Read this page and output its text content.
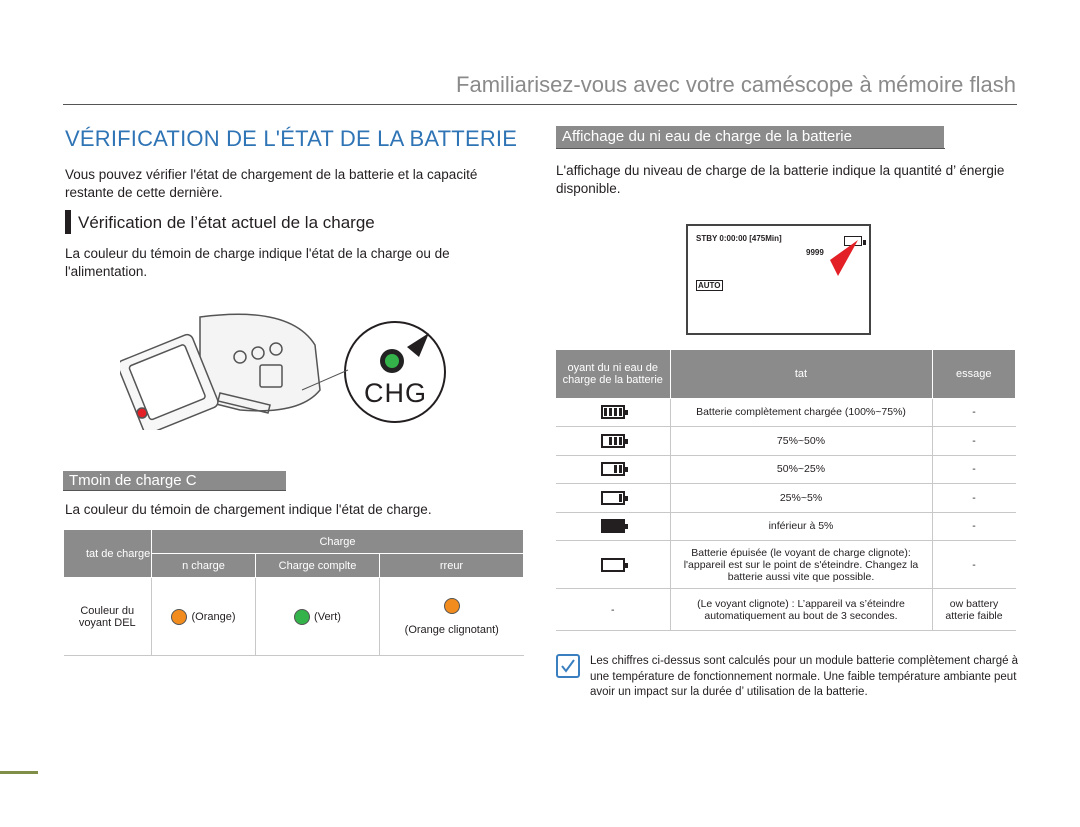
Familiarisez-vous avec votre caméscope à mémoire flash
VÉRIFICATION DE L'ÉTAT DE LA BATTERIE
Vous pouvez vérifier l'état de chargement de la batterie et la capacité restante de cette dernière.
Vérification de l’état actuel de la charge
La couleur du témoin de charge indique l'état de la charge ou de l'alimentation.
CHG
Tmoin de charge C
La couleur du témoin de chargement indique l'état de charge.
tat de charge	Charge		
	n charge	Charge complte	rreur
Couleur du voyant DEL	(Orange)	(Vert)	(Orange clignotant)
Affichage du ni eau de charge de la batterie
L'affichage du niveau de charge de la batterie indique la quantité d’ énergie disponible.
STBY 0:00:00 [475Min]
9999
AUTO
oyant du ni eau de charge de la batterie	tat	essage

	Batterie complètement chargée (100%~75%)	-

	75%~50%	-

	50%~25%	-

	25%~5%	-
	inférieur à 5%	-
	Batterie épuisée (le voyant de charge clignote): l'appareil est sur le point de s'éteindre. Changez la batterie aussi vite que possible.	-
-	(Le voyant clignote) : L’appareil va s’éteindre automatiquement au bout de 3 secondes.	ow battery atterie faible
Les chiffres ci-dessus sont calculés pour un module batterie complètement chargé à une température de fonctionnement normale. Une faible température ambiante peut avoir un impact sur la durée d’ utilisation de la batterie.
